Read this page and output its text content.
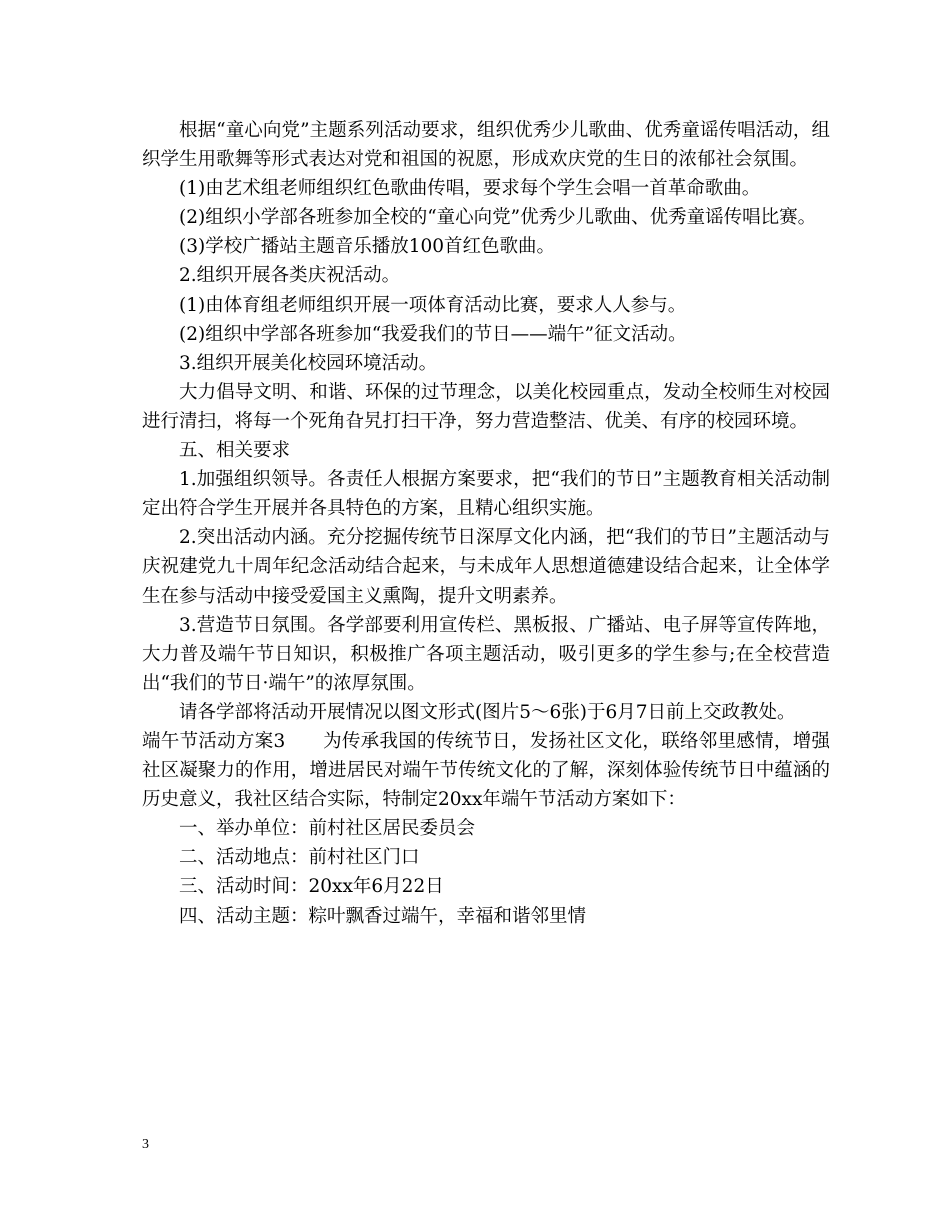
根据“童心向党”主题系列活动要求，组织优秀少儿歌曲、优秀童谣传唱活动，组织学生用歌舞等形式表达对党和祖国的祝愿，形成欢庆党的生日的浓郁社会氛围。

(1)由艺术组老师组织红色歌曲传唱，要求每个学生会唱一首革命歌曲。

(2)组织小学部各班参加全校的“童心向党”优秀少儿歌曲、优秀童谣传唱比赛。

(3)学校广播站主题音乐播放100首红色歌曲。

2.组织开展各类庆祝活动。

(1)由体育组老师组织开展一项体育活动比赛，要求人人参与。

(2)组织中学部各班参加“我爱我们的节日——端午”征文活动。

3.组织开展美化校园环境活动。

大力倡导文明、和谐、环保的过节理念，以美化校园重点，发动全校师生对校园进行清扫，将每一个死角旮旯打扫干净，努力营造整洁、优美、有序的校园环境。

五、相关要求

1.加强组织领导。各责任人根据方案要求，把“我们的节日”主题教育相关活动制定出符合学生开展并各具特色的方案，且精心组织实施。

2.突出活动内涵。充分挖掘传统节日深厚文化内涵，把“我们的节日”主题活动与庆祝建党九十周年纪念活动结合起来，与未成年人思想道德建设结合起来，让全体学生在参与活动中接受爱国主义熏陶，提升文明素养。

3.营造节日氛围。各学部要利用宣传栏、黑板报、广播站、电子屏等宣传阵地，大力普及端午节日知识，积极推广各项主题活动，吸引更多的学生参与;在全校营造出“我们的节日·端午”的浓厚氛围。

请各学部将活动开展情况以图文形式(图片5～6张)于6月7日前上交政教处。

端午节活动方案3　　为传承我国的传统节日，发扬社区文化，联络邻里感情，增强社区凝聚力的作用，增进居民对端午节传统文化的了解，深刻体验传统节日中蕴涵的历史意义，我社区结合实际，特制定20xx年端午节活动方案如下：

一、举办单位：前村社区居民委员会

二、活动地点：前村社区门口

三、活动时间：20xx年6月22日

四、活动主题：粽叶飘香过端午，幸福和谐邻里情

3
